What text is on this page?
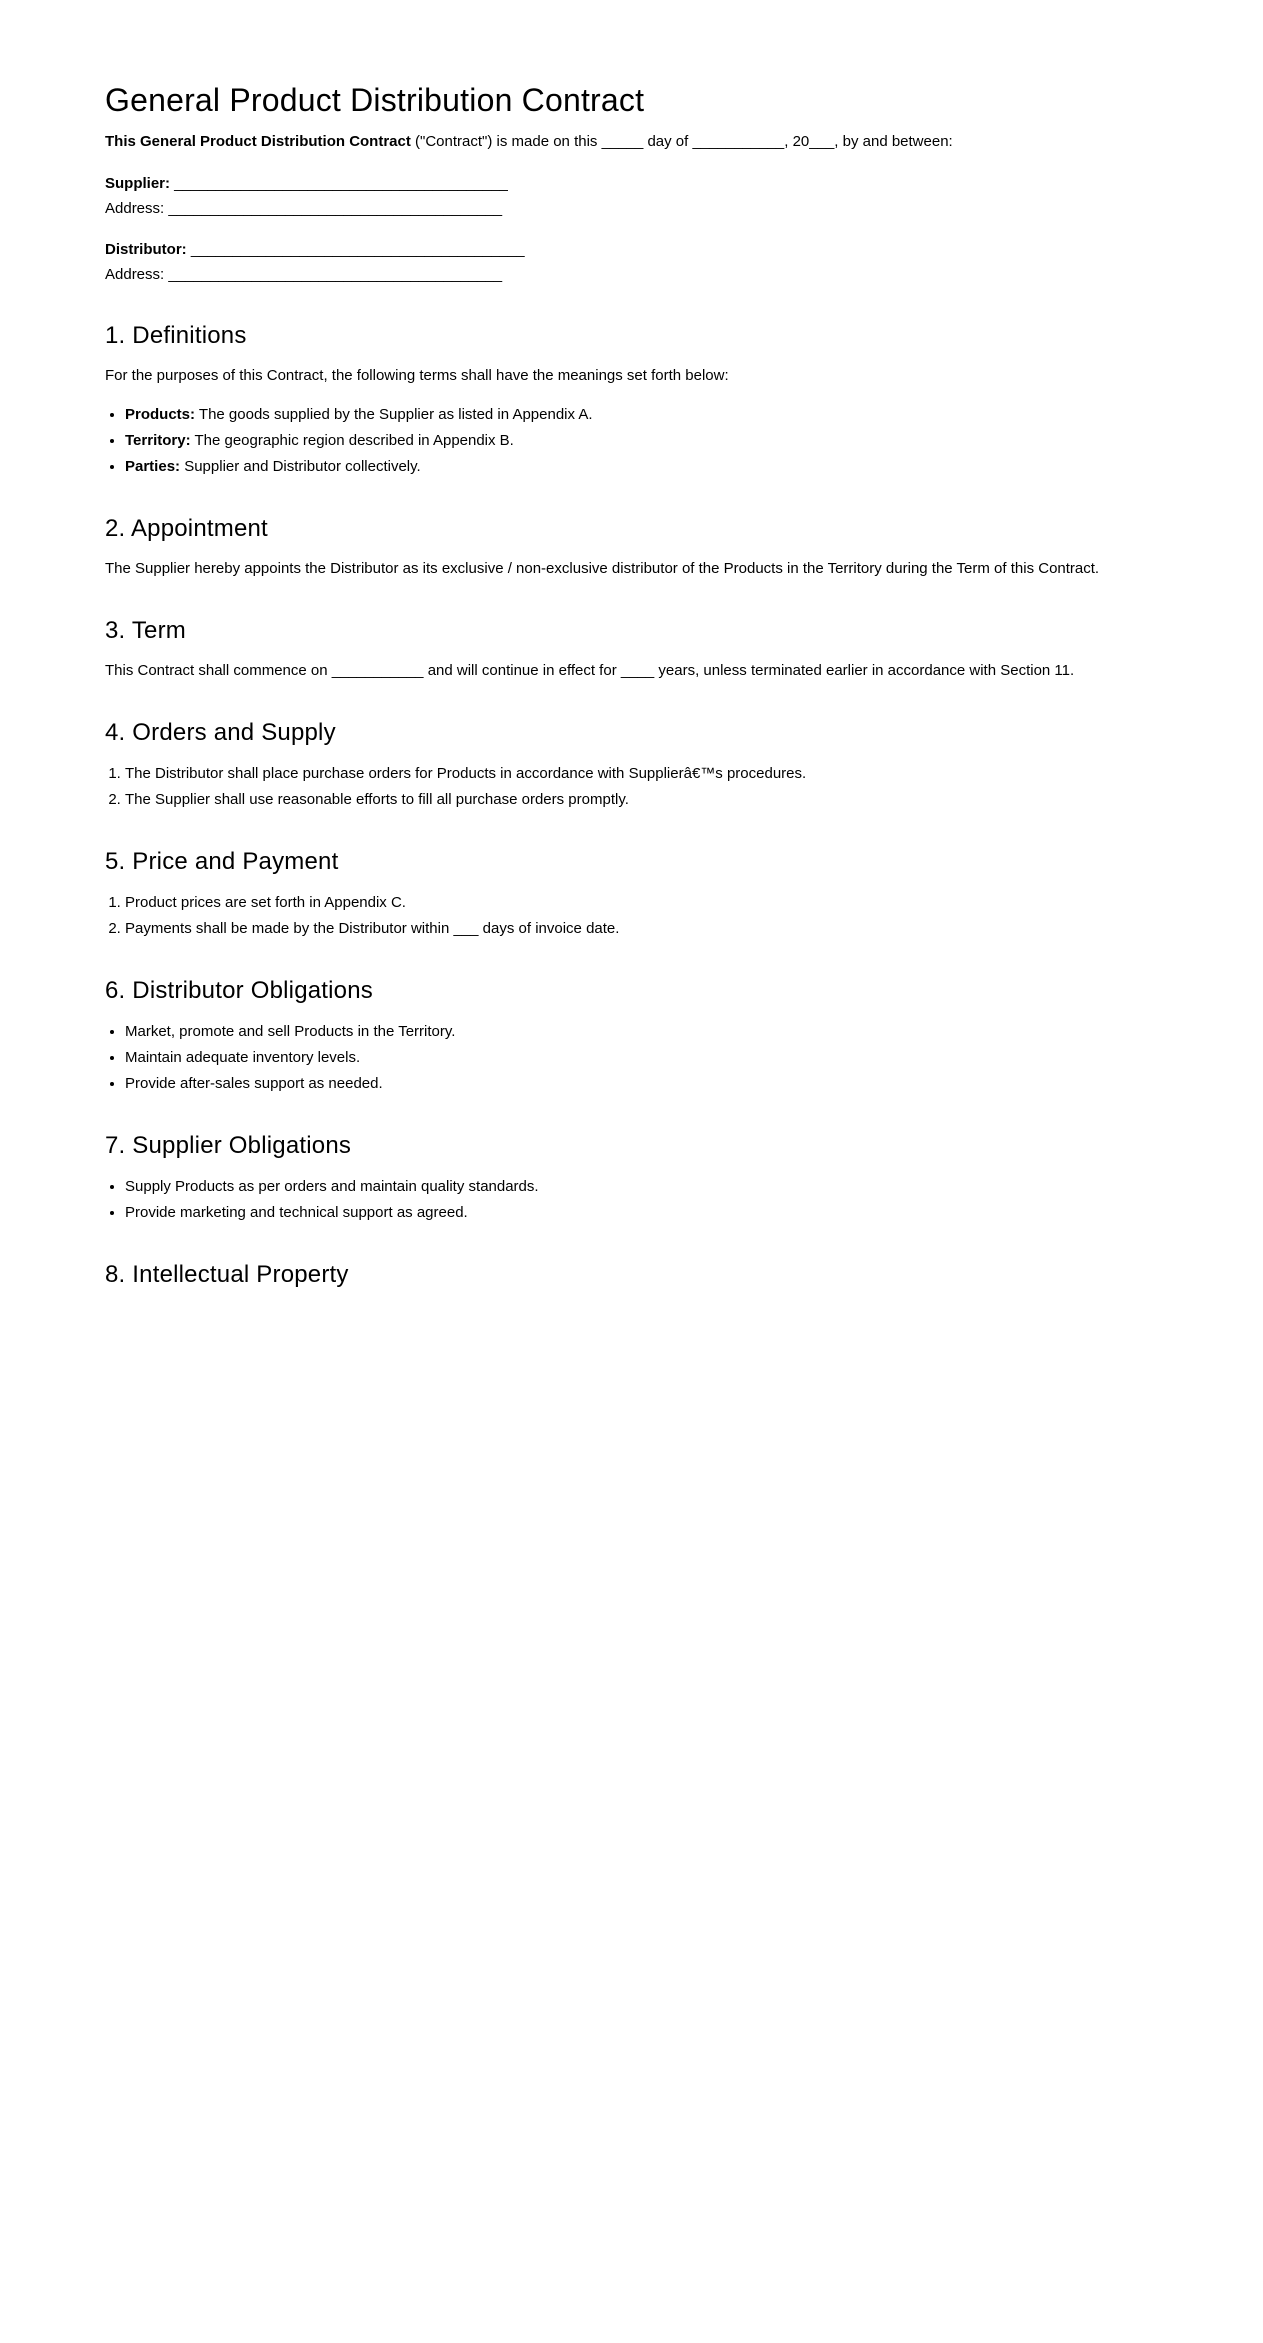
General Product Distribution Contract

This General Product Distribution Contract ("Contract") is made on this _____ day of ___________, 20___, by and between:

Supplier: ________________________________________
Address: ________________________________________
Distributor: ________________________________________
Address: ________________________________________
1. Definitions

For the purposes of this Contract, the following terms shall have the meanings set forth below:

• Products: The goods supplied by the Supplier as listed in Appendix A.
• Territory: The geographic region described in Appendix B.
• Parties: Supplier and Distributor collectively.
2. Appointment

The Supplier hereby appoints the Distributor as its exclusive / non-exclusive distributor of the Products in the Territory during the Term of this Contract.

3. Term

This Contract shall commence on ___________ and will continue in effect for ____ years, unless terminated earlier in accordance with Section 11.

4. Orders and Supply
1. The Distributor shall place purchase orders for Products in accordance with Supplierâ€™s procedures.
2. The Supplier shall use reasonable efforts to fill all purchase orders promptly.
5. Price and Payment
1. Product prices are set forth in Appendix C.
2. Payments shall be made by the Distributor within ___ days of invoice date.
6. Distributor Obligations
• Market, promote and sell Products in the Territory.
• Maintain adequate inventory levels.
• Provide after-sales support as needed.
7. Supplier Obligations
• Supply Products as per orders and maintain quality standards.
• Provide marketing and technical support as agreed.
8. Intellectual Property
